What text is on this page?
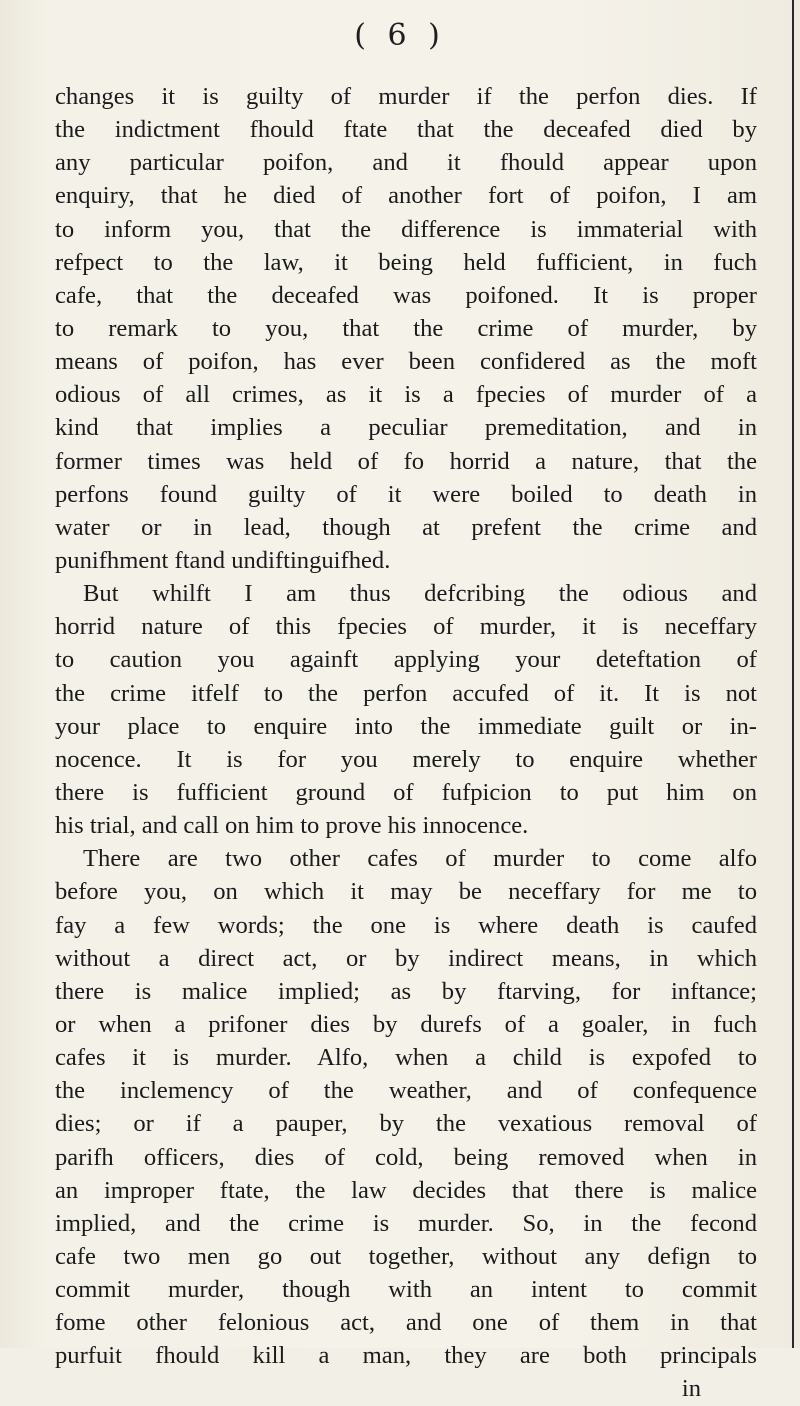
( 6 )
changes it is guilty of murder if the perfon dies. If
the indictment fhould ftate that the deceafed died by
any particular poifon, and it fhould appear upon
enquiry, that he died of another fort of poifon, I am
to inform you, that the difference is immaterial with
refpect to the law, it being held fufficient, in fuch
cafe, that the deceafed was poifoned. It is proper
to remark to you, that the crime of murder, by
means of poifon, has ever been confidered as the moft
odious of all crimes, as it is a fpecies of murder of a
kind that implies a peculiar premeditation, and in
former times was held of fo horrid a nature, that the
perfons found guilty of it were boiled to death in
water or in lead, though at prefent the crime and
punifhment ftand undiftinguifhed.
But whilft I am thus defcribing the odious and
horrid nature of this fpecies of murder, it is neceffary
to caution you againft applying your deteftation of
the crime itfelf to the perfon accufed of it. It is not
your place to enquire into the immediate guilt or in-
nocence. It is for you merely to enquire whether
there is fufficient ground of fufpicion to put him on
his trial, and call on him to prove his innocence.
There are two other cafes of murder to come alfo
before you, on which it may be neceffary for me to
fay a few words; the one is where death is caufed
without a direct act, or by indirect means, in which
there is malice implied; as by ftarving, for inftance;
or when a prifoner dies by durefs of a goaler, in fuch
cafes it is murder. Alfo, when a child is expofed to
the inclemency of the weather, and of confequence
dies; or if a pauper, by the vexatious removal of
parifh officers, dies of cold, being removed when in
an improper ftate, the law decides that there is malice
implied, and the crime is murder. So, in the fecond
cafe two men go out together, without any defign to
commit murder, though with an intent to commit
fome other felonious act, and one of them in that
purfuit fhould kill a man, they are both principals
in
